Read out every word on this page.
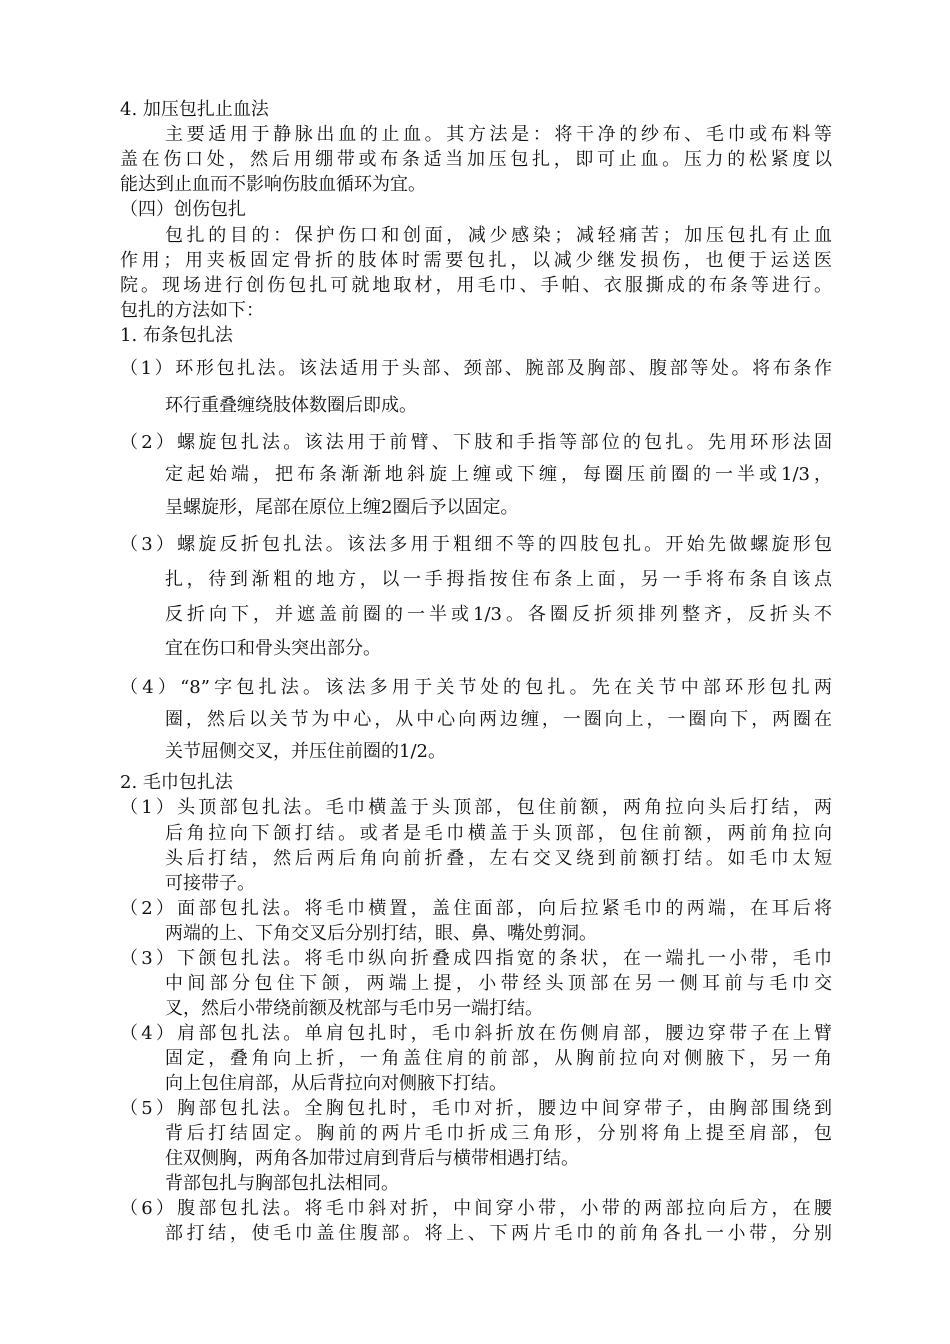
4. 加压包扎止血法

主要适用于静脉出血的止血。其方法是：将干净的纱布、毛巾或布料等

盖在伤口处，然后用绷带或布条适当加压包扎，即可止血。压力的松紧度以

能达到止血而不影响伤肢血循环为宜。

（四）创伤包扎

包扎的目的：保护伤口和创面，减少感染；减轻痛苦；加压包扎有止血

作用；用夹板固定骨折的肢体时需要包扎，以减少继发损伤，也便于运送医

院。现场进行创伤包扎可就地取材，用毛巾、手帕、衣服撕成的布条等进行。

包扎的方法如下：

1. 布条包扎法

（1）环形包扎法。该法适用于头部、颈部、腕部及胸部、腹部等处。将布条作

环行重叠缠绕肢体数圈后即成。

（2）螺旋包扎法。该法用于前臂、下肢和手指等部位的包扎。先用环形法固

定起始端，把布条渐渐地斜旋上缠或下缠，每圈压前圈的一半或1/3，

呈螺旋形，尾部在原位上缠2圈后予以固定。

（3）螺旋反折包扎法。该法多用于粗细不等的四肢包扎。开始先做螺旋形包

扎，待到渐粗的地方，以一手拇指按住布条上面，另一手将布条自该点

反折向下，并遮盖前圈的一半或1/3。各圈反折须排列整齐，反折头不

宜在伤口和骨头突出部分。

（4）“8”字包扎法。该法多用于关节处的包扎。先在关节中部环形包扎两

圈，然后以关节为中心，从中心向两边缠，一圈向上，一圈向下，两圈在

关节屈侧交叉，并压住前圈的1/2。

2. 毛巾包扎法

（1）头顶部包扎法。毛巾横盖于头顶部，包住前额，两角拉向头后打结，两

后角拉向下颌打结。或者是毛巾横盖于头顶部，包住前额，两前角拉向

头后打结，然后两后角向前折叠，左右交叉绕到前额打结。如毛巾太短

可接带子。

（2）面部包扎法。将毛巾横置，盖住面部，向后拉紧毛巾的两端，在耳后将

两端的上、下角交叉后分别打结，眼、鼻、嘴处剪洞。

（3）下颌包扎法。将毛巾纵向折叠成四指宽的条状，在一端扎一小带，毛巾

中间部分包住下颌，两端上提，小带经头顶部在另一侧耳前与毛巾交

叉，然后小带绕前额及枕部与毛巾另一端打结。

（4）肩部包扎法。单肩包扎时，毛巾斜折放在伤侧肩部，腰边穿带子在上臂

固定，叠角向上折，一角盖住肩的前部，从胸前拉向对侧腋下，另一角

向上包住肩部，从后背拉向对侧腋下打结。

（5）胸部包扎法。全胸包扎时，毛巾对折，腰边中间穿带子，由胸部围绕到

背后打结固定。胸前的两片毛巾折成三角形，分别将角上提至肩部，包

住双侧胸，两角各加带过肩到背后与横带相遇打结。

背部包扎与胸部包扎法相同。

（6）腹部包扎法。将毛巾斜对折，中间穿小带，小带的两部拉向后方，在腰

部打结，使毛巾盖住腹部。将上、下两片毛巾的前角各扎一小带，分别
